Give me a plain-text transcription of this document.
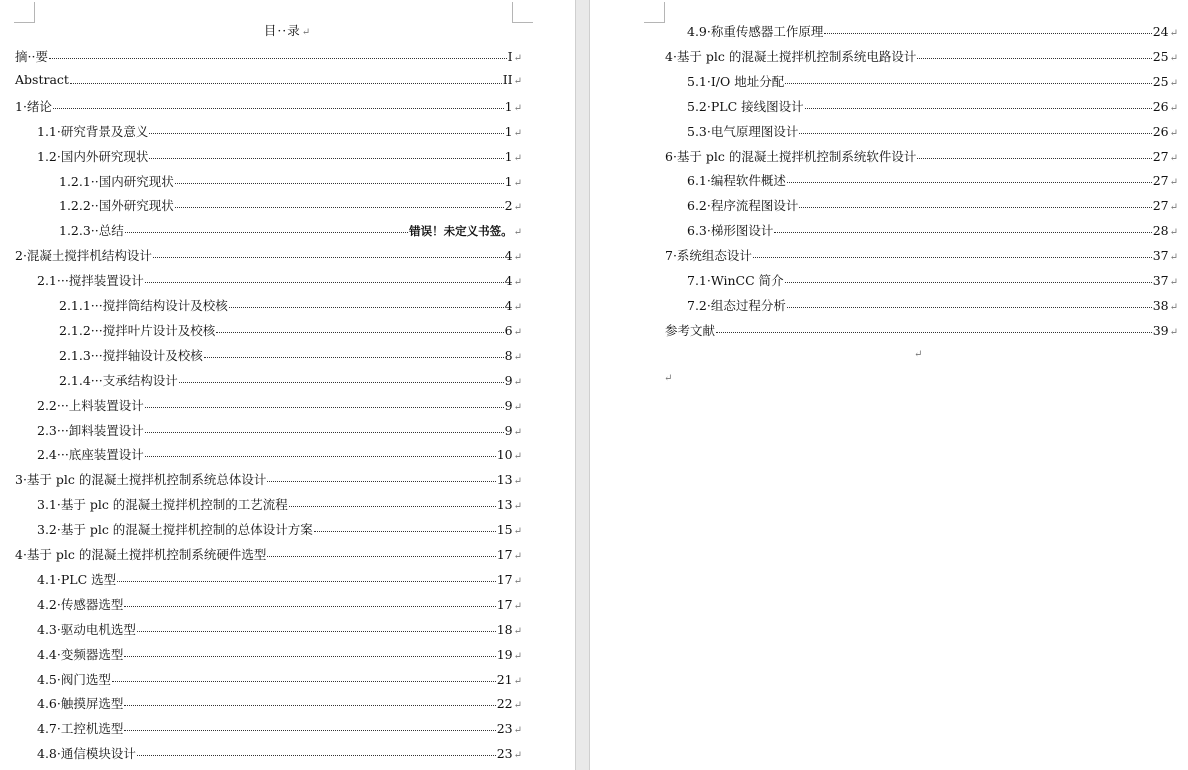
目··录↵
摘··要	I ↵
Abstract	II ↵
1·绪论	1 ↵
1.1·研究背景及意义	1 ↵
1.2·国内外研究现状	1 ↵
1.2.1··国内研究现状	1 ↵
1.2.2··国外研究现状	2 ↵
1.2.3··总结	错误！未定义书签。 ↵
2·混凝土搅拌机结构设计	4 ↵
2.1···搅拌装置设计	4 ↵
2.1.1···搅拌筒结构设计及校核	4 ↵
2.1.2···搅拌叶片设计及校核	6 ↵
2.1.3···搅拌轴设计及校核	8 ↵
2.1.4···支承结构设计	9 ↵
2.2···上料装置设计	9 ↵
2.3···卸料装置设计	9 ↵
2.4···底座装置设计	10 ↵
3·基于 plc 的混凝土搅拌机控制系统总体设计	13 ↵
3.1·基于 plc 的混凝土搅拌机控制的工艺流程	13 ↵
3.2·基于 plc 的混凝土搅拌机控制的总体设计方案	15 ↵
4·基于 plc 的混凝土搅拌机控制系统硬件选型	17 ↵
4.1·PLC 选型	17 ↵
4.2·传感器选型	17 ↵
4.3·驱动电机选型	18 ↵
4.4·变频器选型	19 ↵
4.5·阀门选型	21 ↵
4.6·触摸屏选型	22 ↵
4.7·工控机选型	23 ↵
4.8·通信模块设计	23 ↵
4.9·称重传感器工作原理	24 ↵
4·基于 plc 的混凝土搅拌机控制系统电路设计	25 ↵
5.1·I/O 地址分配	25 ↵
5.2·PLC 接线图设计	26 ↵
5.3·电气原理图设计	26 ↵
6·基于 plc 的混凝土搅拌机控制系统软件设计	27 ↵
6.1·编程软件概述	27 ↵
6.2·程序流程图设计	27 ↵
6.3·梯形图设计	28 ↵
7·系统组态设计	37 ↵
7.1·WinCC 简介	37 ↵
7.2·组态过程分析	38 ↵
参考文献	39 ↵
↵
↵
